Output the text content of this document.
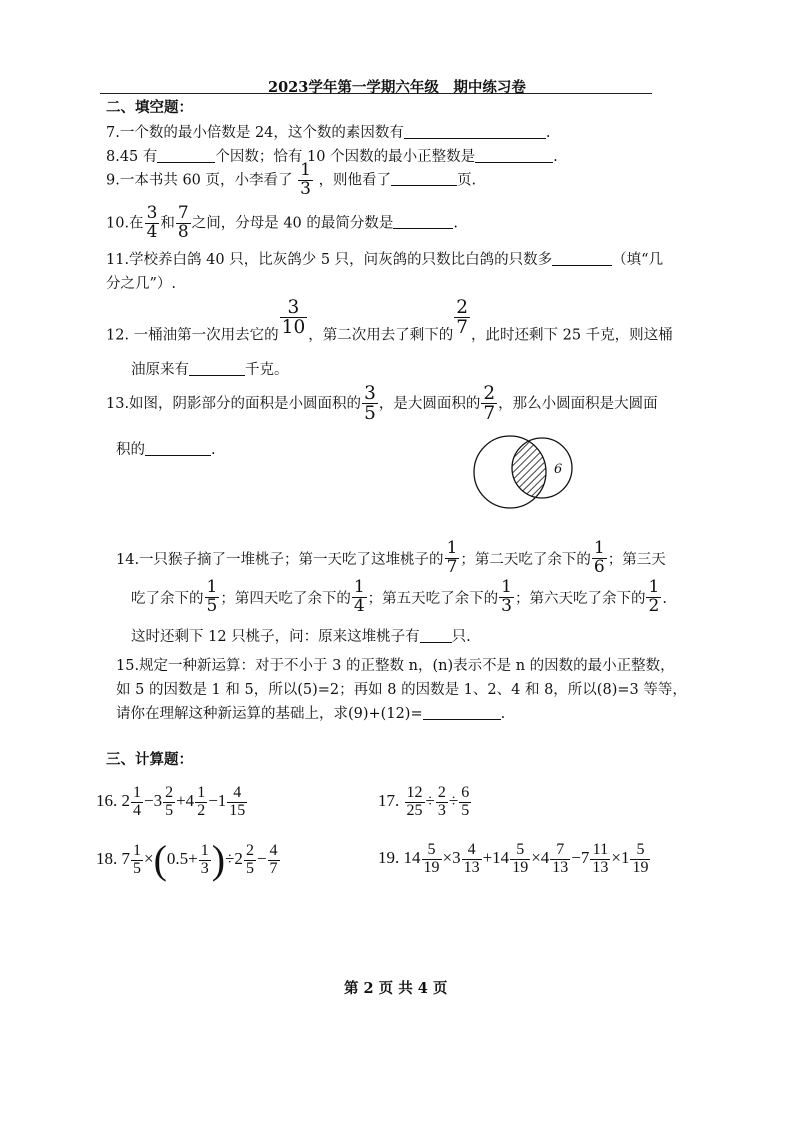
2023学年第一学期六年级　期中练习卷
二、填空题：
7.一个数的最小倍数是 24，这个数的素因数有	.
8.45 有	个因数；恰有 10 个因数的最小正整数是	.
9.一本书共 60 页，小李看了 $\frac{1}{3}$ ，则他看了	页.
10.在 $\frac{3}{4}$ 和 $\frac{7}{8}$ 之间，分母是 40 的最简分数是	.
11.学校养白鸽 40 只，比灰鸽少 5 只，问灰鸽的只数比白鸽的只数多	（填“几
分之几”）.
12. 一桶油第一次用去它的 $\frac{3}{10}$ ，第二次用去了剩下的 $\frac{2}{7}$ ，此时还剩下 25 千克，则这桶
油原来有	千克。
13.如图，阴影部分的面积是小圆面积的 $\frac{3}{5}$ ，是大圆面积的 $\frac{2}{7}$ ，那么小圆面积是大圆面
积的	.
6
14.一只猴子摘了一堆桃子；第一天吃了这堆桃子的 $\frac{1}{7}$ ；第二天吃了余下的 $\frac{1}{6}$ ；第三天
吃了余下的 $\frac{1}{5}$ ；第四天吃了余下的 $\frac{1}{4}$ ；第五天吃了余下的 $\frac{1}{3}$ ；第六天吃了余下的 $\frac{1}{2}$ .
这时还剩下 12 只桃子，问：原来这堆桃子有 只.
15.规定一种新运算：对于不小于 3 的正整数 n，(n)表示不是 n 的因数的最小正整数，
如 5 的因数是 1 和 5，所以(5)=2；再如 8 的因数是 1、2、4 和 8，所以(8)=3 等等，
请你在理解这种新运算的基础上，求(9)+(12)=	.
三、计算题：
16. $2 \frac{1}{4} -3 \frac{2}{5} +4 \frac{1}{2} -1 \frac{4}{15}$	17. $\frac{12}{25} \div \frac{2}{3} \div \frac{6}{5}$
18. $7 \frac{1}{5} \times(0.5+ \frac{1}{3} )\div 2 \frac{2}{5} - \frac{4}{7}$	19. $14 \frac{5}{19} \times 3 \frac{4}{13} +14 \frac{5}{19} \times 4 \frac{7}{13} -7 \frac{11}{13} \times 1 \frac{5}{19}$
第 2 页 共 4 页
